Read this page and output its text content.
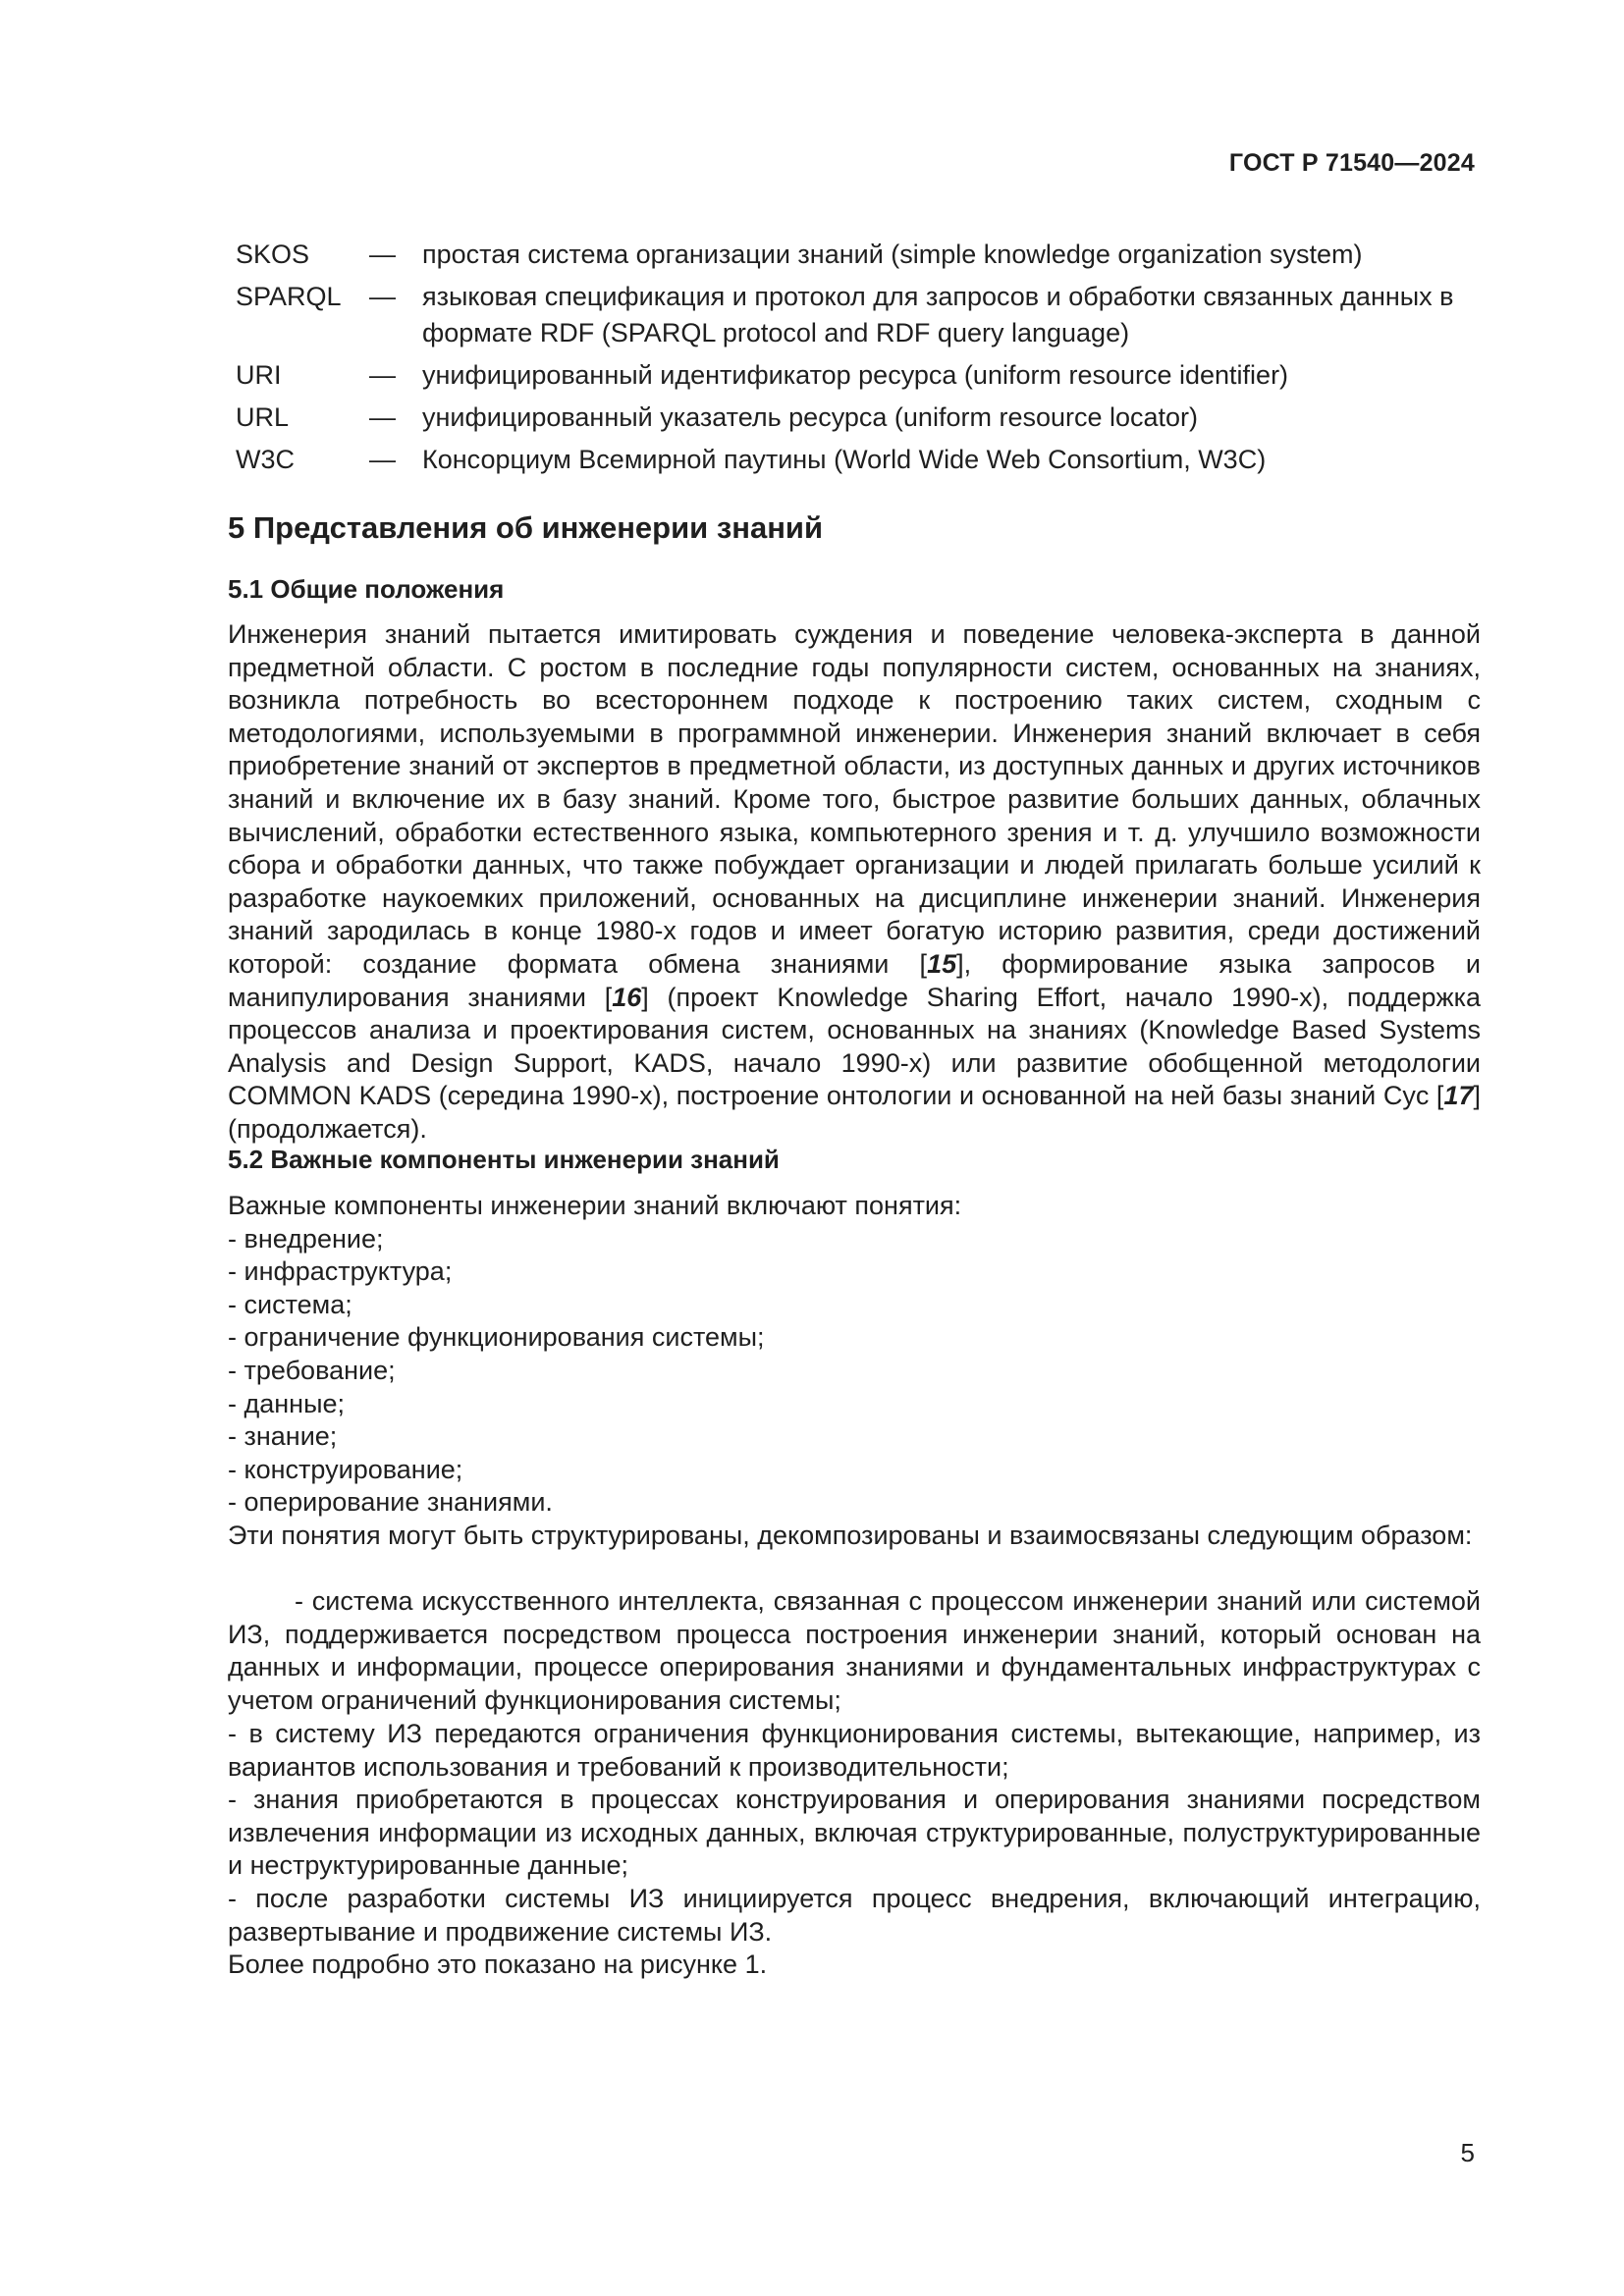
ГОСТ Р 71540—2024
SKOS	—	простая система организации знаний (simple knowledge organization system)
SPARQL	—	языковая спецификация и протокол для запросов и обработки связанных данных в формате RDF (SPARQL protocol and RDF query language)
URI	—	унифицированный идентификатор ресурса (uniform resource identifier)
URL	—	унифицированный указатель ресурса (uniform resource locator)
W3C	—	Консорциум Всемирной паутины (World Wide Web Consortium, W3C)
5 Представления об инженерии знаний
5.1 Общие положения

Инженерия знаний пытается имитировать суждения и поведение человека-эксперта в данной предметной области. С ростом в последние годы популярности систем, основанных на знаниях, возникла потребность во всестороннем подходе к построению таких систем, сходным с методологиями, используемыми в программной инженерии. Инженерия знаний включает в себя приобретение знаний от экспертов в предметной области, из доступных данных и других источников знаний и включение их в базу знаний. Кроме того, быстрое развитие больших данных, облачных вычислений, обработки естественного языка, компьютерного зрения и т. д. улучшило возможности сбора и обработки данных, что также побуждает организации и людей прилагать больше усилий к разработке наукоемких приложений, основанных на дисциплине инженерии знаний. Инженерия знаний зародилась в конце 1980-х годов и имеет богатую историю развития, среди достижений которой: создание формата обмена знаниями [15], формирование языка запросов и манипулирования знаниями [16] (проект Knowledge Sharing Effort, начало 1990-х), поддержка процессов анализа и проектирования систем, основанных на знаниях (Knowledge Based Systems Analysis and Design Support, KADS, начало 1990-х) или развитие обобщенной методологии COMMON KADS (середина 1990-х), построение онтологии и основанной на ней базы знаний Cyc [17] (продолжается).

5.2 Важные компоненты инженерии знаний
Важные компоненты инженерии знаний включают понятия:
- внедрение;
- инфраструктура;
- система;
- ограничение функционирования системы;
- требование;
- данные;
- знание;
- конструирование;
- оперирование знаниями.

Эти понятия могут быть структурированы, декомпозированы и взаимосвязаны следующим образом:

- система искусственного интеллекта, связанная с процессом инженерии знаний или системой ИЗ, поддерживается посредством процесса построения инженерии знаний, который основан на данных и информации, процессе оперирования знаниями и фундаментальных инфраструктурах с учетом ограничений функционирования системы;

- в систему ИЗ передаются ограничения функционирования системы, вытекающие, например, из вариантов использования и требований к производительности;

- знания приобретаются в процессах конструирования и оперирования знаниями посредством извлечения информации из исходных данных, включая структурированные, полуструктурированные и неструктурированные данные;

- после разработки системы ИЗ инициируется процесс внедрения, включающий интеграцию, развертывание и продвижение системы ИЗ.

Более подробно это показано на рисунке 1.

5
